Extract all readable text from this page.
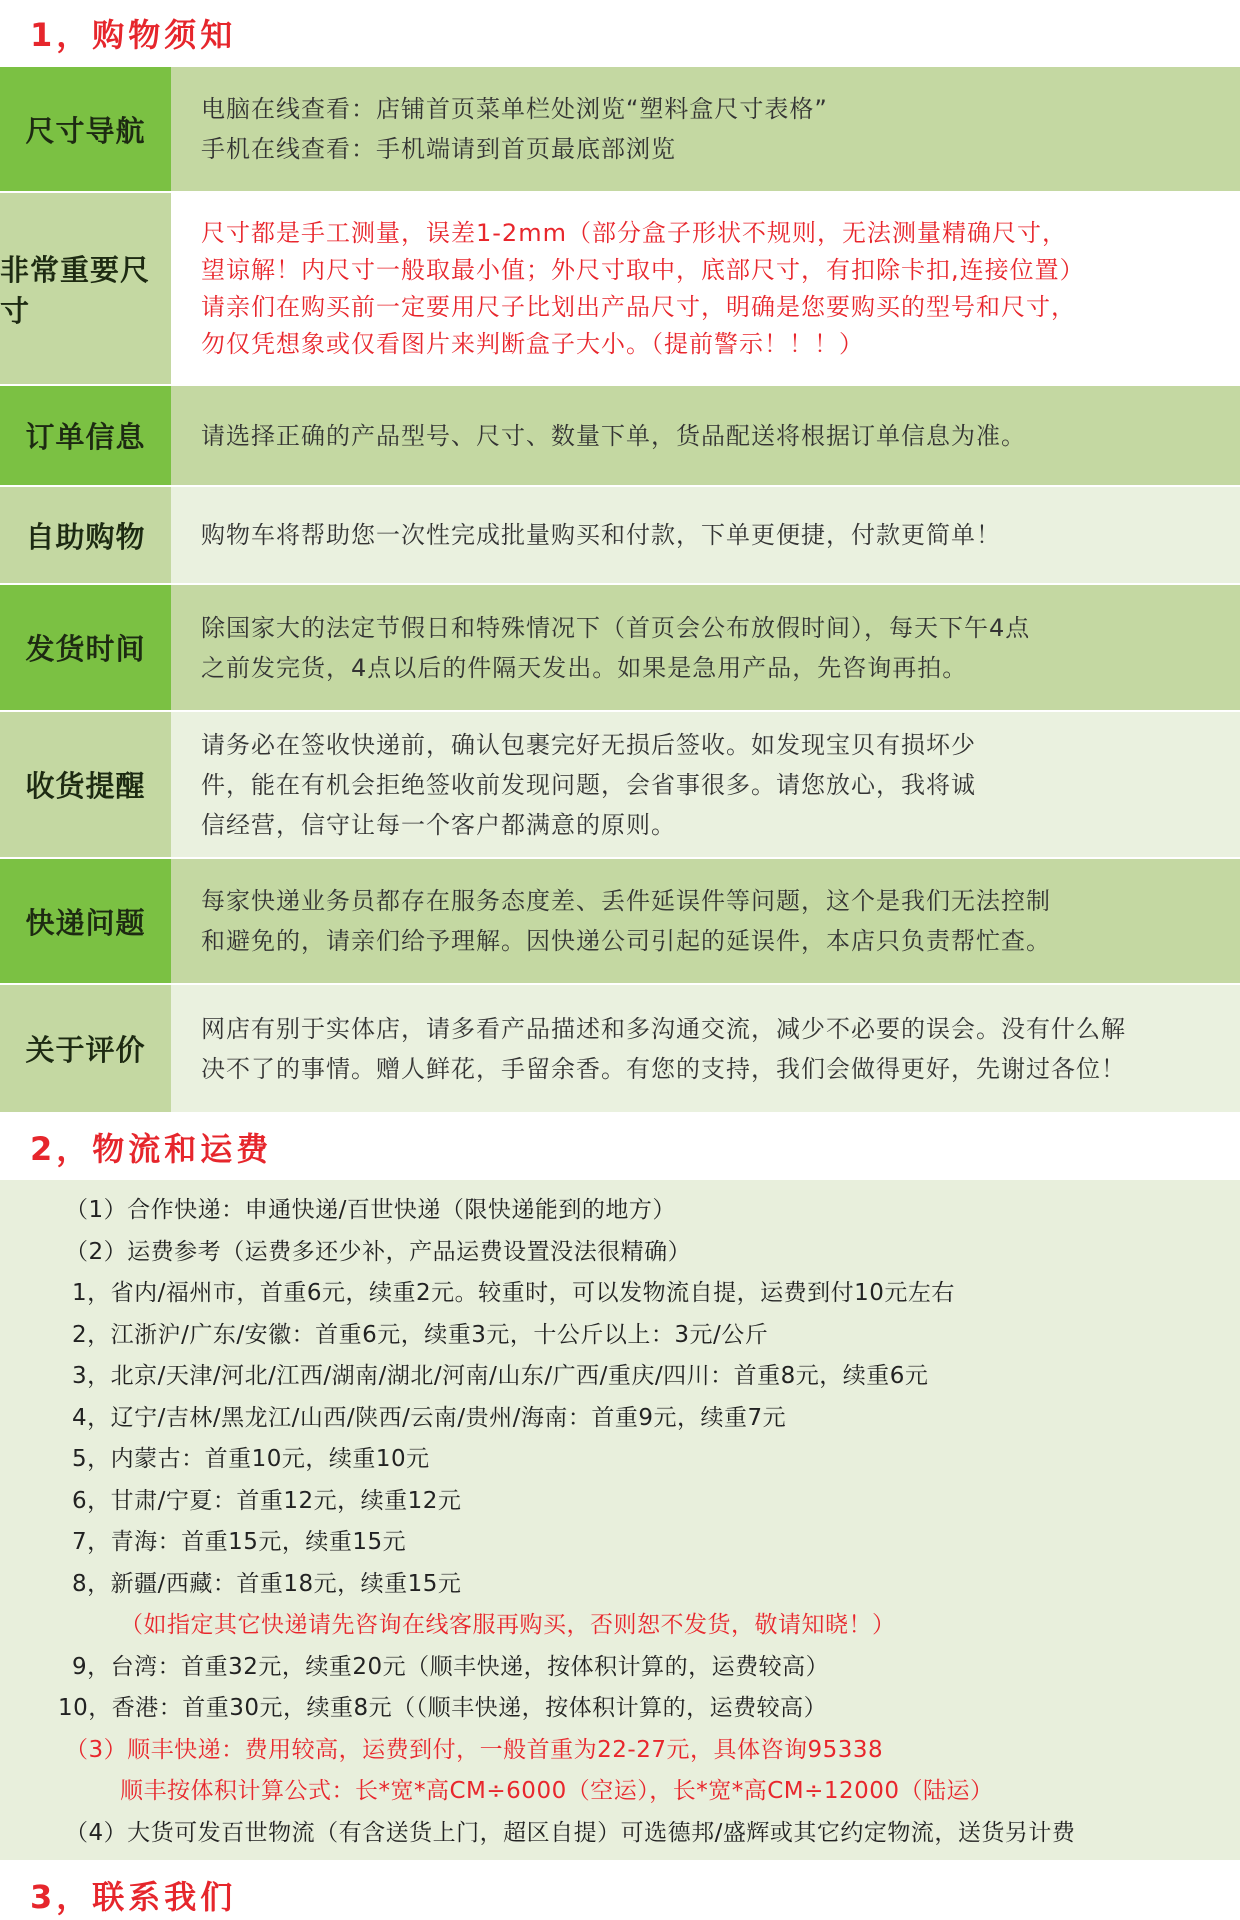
1，购物须知
尺寸导航
电脑在线查看：店铺首页菜单栏处浏览“塑料盒尺寸表格”
手机在线查看：手机端请到首页最底部浏览
非常重要尺寸
尺寸都是手工测量，误差1-2mm（部分盒子形状不规则，无法测量精确尺寸，
望谅解！内尺寸一般取最小值；外尺寸取中，底部尺寸，有扣除卡扣,连接位置）
请亲们在购买前一定要用尺子比划出产品尺寸，明确是您要购买的型号和尺寸，
勿仅凭想象或仅看图片来判断盒子大小。（提前警示！！！）
订单信息	请选择正确的产品型号、尺寸、数量下单，货品配送将根据订单信息为准。
自助购物	购物车将帮助您一次性完成批量购买和付款，下单更便捷，付款更简单！
发货时间
除国家大的法定节假日和特殊情况下（首页会公布放假时间），每天下午4点
之前发完货，4点以后的件隔天发出。如果是急用产品，先咨询再拍。
收货提醒
请务必在签收快递前，确认包裹完好无损后签收。如发现宝贝有损坏少
件，能在有机会拒绝签收前发现问题，会省事很多。请您放心，我将诚
信经营，信守让每一个客户都满意的原则。
快递问题
每家快递业务员都存在服务态度差、丢件延误件等问题，这个是我们无法控制
和避免的，请亲们给予理解。因快递公司引起的延误件，本店只负责帮忙查。
关于评价
网店有别于实体店，请多看产品描述和多沟通交流，减少不必要的误会。没有什么解
决不了的事情。赠人鲜花，手留余香。有您的支持，我们会做得更好，先谢过各位！
2，物流和运费
（1）合作快递：申通快递/百世快递（限快递能到的地方）
（2）运费参考（运费多还少补，产品运费设置没法很精确）
1，省内/福州市，首重6元，续重2元。较重时，可以发物流自提，运费到付10元左右
2，江浙沪/广东/安徽：首重6元，续重3元，十公斤以上：3元/公斤
3，北京/天津/河北/江西/湖南/湖北/河南/山东/广西/重庆/四川：首重8元，续重6元
4，辽宁/吉林/黑龙江/山西/陕西/云南/贵州/海南：首重9元，续重7元
5，内蒙古：首重10元，续重10元
6，甘肃/宁夏：首重12元，续重12元
7，青海：首重15元，续重15元
8，新疆/西藏：首重18元，续重15元
（如指定其它快递请先咨询在线客服再购买，否则恕不发货，敬请知晓！）
9，台湾：首重32元，续重20元（顺丰快递，按体积计算的，运费较高）
10，香港：首重30元，续重8元（（顺丰快递，按体积计算的，运费较高）
（3）顺丰快递：费用较高，运费到付，一般首重为22-27元，具体咨询95338
顺丰按体积计算公式：长*宽*高CM÷6000（空运），长*宽*高CM÷12000（陆运）
（4）大货可发百世物流（有含送货上门，超区自提）可选德邦/盛辉或其它约定物流，送货另计费
3，联系我们
